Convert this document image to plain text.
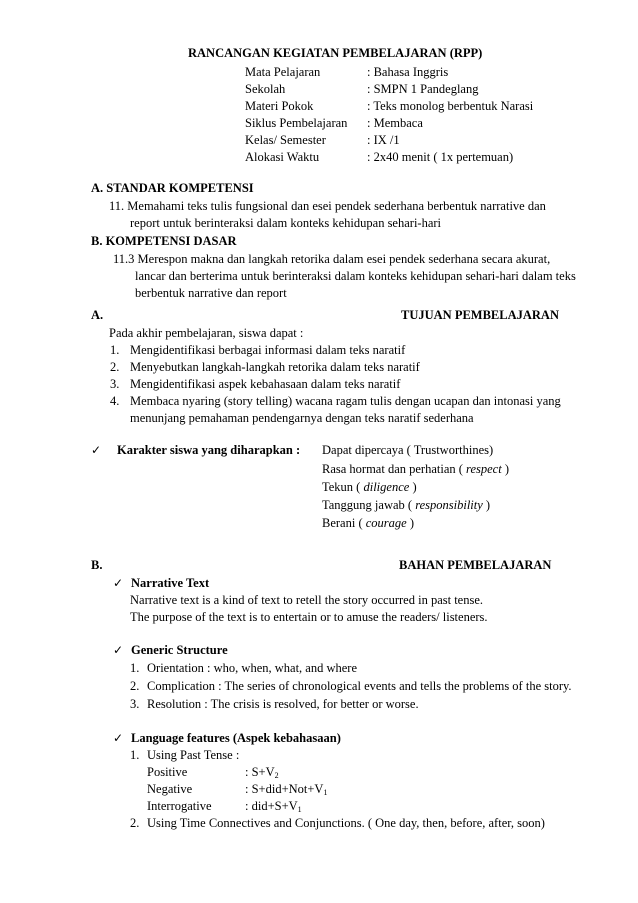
RANCANGAN KEGIATAN PEMBELAJARAN (RPP)
Mata Pelajaran	: Bahasa Inggris
Sekolah	: SMPN 1 Pandeglang
Materi Pokok	: Teks monolog berbentuk Narasi
Siklus Pembelajaran : Membaca
Kelas/ Semester	: IX /1
Alokasi Waktu	: 2x40 menit ( 1x pertemuan)
A. STANDAR KOMPETENSI
11. Memahami teks tulis fungsional dan esei pendek sederhana berbentuk narrative dan
report untuk berinteraksi dalam konteks kehidupan sehari-hari
B. KOMPETENSI DASAR
11.3 Merespon makna dan langkah retorika dalam esei pendek sederhana secara akurat,
lancar dan berterima untuk berinteraksi dalam konteks kehidupan sehari-hari dalam teks
berbentuk narrative dan report
A.	TUJUAN PEMBELAJARAN
Pada akhir pembelajaran, siswa dapat :
1. Mengidentifikasi berbagai informasi dalam teks naratif
2. Menyebutkan langkah-langkah retorika dalam teks naratif
3. Mengidentifikasi aspek kebahasaan dalam teks naratif
4. Membaca nyaring (story telling) wacana ragam tulis dengan ucapan dan intonasi yang
menunjang pemahaman pendengarnya dengan teks naratif sederhana
✓ Karakter siswa yang diharapkan : Dapat dipercaya ( Trustworthines)
Rasa hormat dan perhatian ( respect )
Tekun ( diligence )
Tanggung jawab ( responsibility )
Berani ( courage )
B.	BAHAN PEMBELAJARAN
✓ Narrative Text
Narrative text is a kind of text to retell the story occurred in past tense.
The purpose of the text is to entertain or to amuse the readers/ listeners.
✓ Generic Structure
1. Orientation : who, when, what, and where
2. Complication : The series of chronological events and tells the problems of the story.
3. Resolution : The crisis is resolved, for better or worse.
✓ Language features (Aspek kebahasaan)
1. Using Past Tense :
Positive	: $S+V_2$
Negative	: $S+did+Not+V_1$
Interrogative	: $did+S+V_1$
2. Using Time Connectives and Conjunctions. ( One day, then, before, after, soon)
